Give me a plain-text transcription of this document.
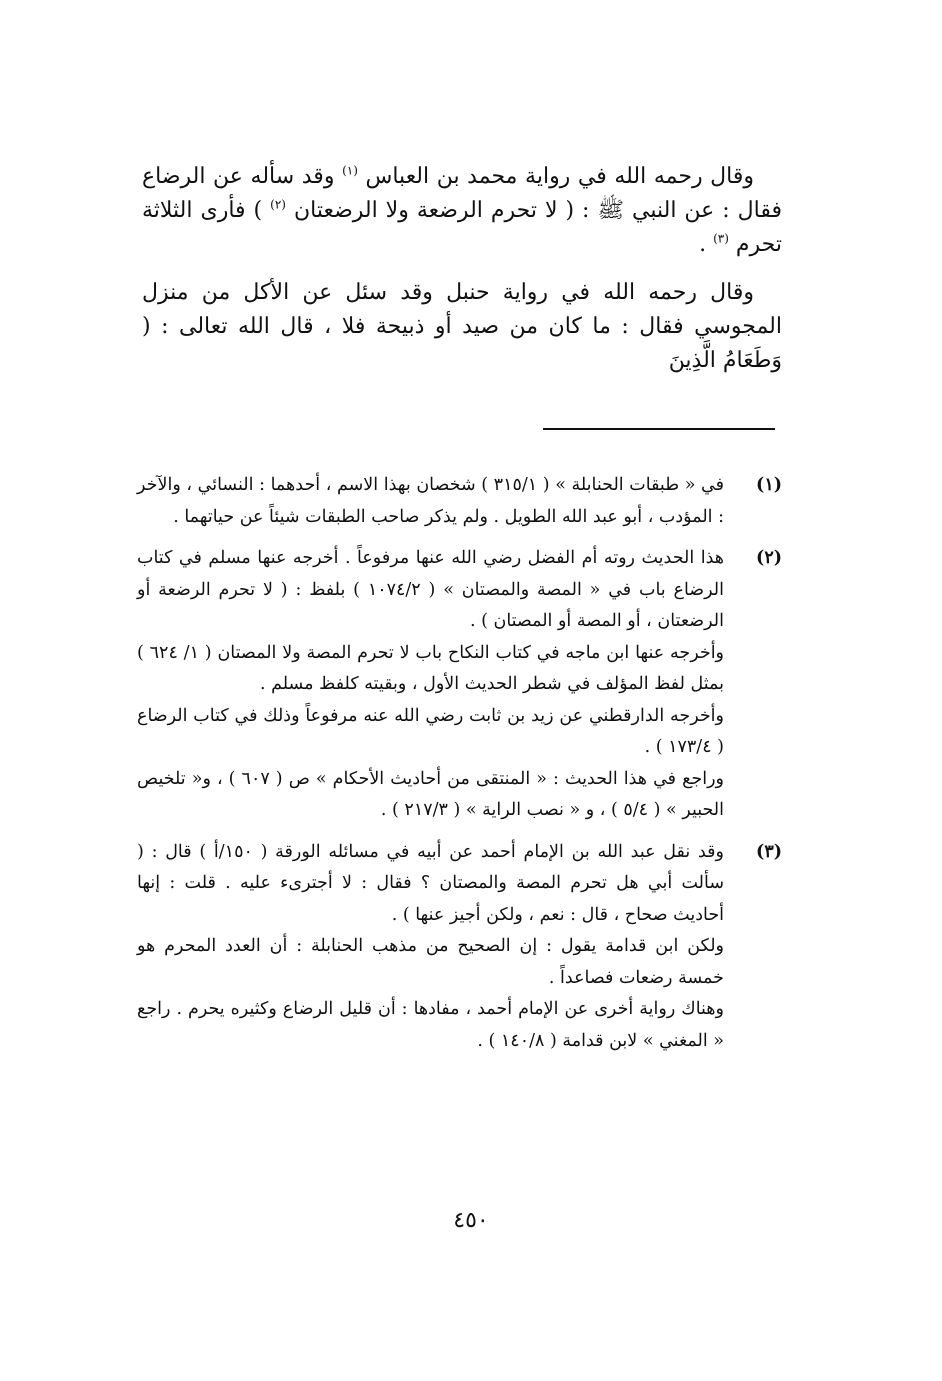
وقال رحمه الله في رواية محمد بن العباس $^{(١)}$ وقد سأله عن الرضاع فقال : عن النبي ﷺ : ( لا تحرم الرضعة ولا الرضعتان $^{(٢)}$ ) فأرى الثلاثة تحرم $^{(٣)}$ .

وقال رحمه الله في رواية حنبل وقد سئل عن الأكل من منزل المجوسي فقال : ما كان من صيد أو ذبيحة فلا ، قال الله تعالى : ( وَطَعَامُ الَّذِينَ

(١)

في « طبقات الحنابلة » ( ٣١٥/١ ) شخصان بهذا الاسم ، أحدهما : النسائي ، والآخر : المؤدب ، أبو عبد الله الطويل . ولم يذكر صاحب الطبقات شيئاً عن حياتهما .

(٢)

هذا الحديث روته أم الفضل رضي الله عنها مرفوعاً . أخرجه عنها مسلم في كتاب الرضاع باب في « المصة والمصتان » ( ١٠٧٤/٢ ) بلفظ : ( لا تحرم الرضعة أو الرضعتان ، أو المصة أو المصتان ) .

وأخرجه عنها ابن ماجه في كتاب النكاح باب لا تحرم المصة ولا المصتان ( ١/ ٦٢٤ ) بمثل لفظ المؤلف في شطر الحديث الأول ، وبقيته كلفظ مسلم .

وأخرجه الدارقطني عن زيد بن ثابت رضي الله عنه مرفوعاً وذلك في كتاب الرضاع ( ١٧٣/٤ ) .

وراجع في هذا الحديث : « المنتقى من أحاديث الأحكام » ص ( ٦٠٧ ) ، و« تلخيص الحبير » ( ٥/٤ ) ، و « نصب الراية » ( ٢١٧/٣ ) .

(٣)

وقد نقل عبد الله بن الإمام أحمد عن أبيه في مسائله الورقة ( ١٥٠/أ ) قال : ( سألت أبي هل تحرم المصة والمصتان ؟ فقال : لا أجترىء عليه . قلت : إنها أحاديث صحاح ، قال : نعم ، ولكن أجيز عنها ) .

ولكن ابن قدامة يقول : إن الصحيح من مذهب الحنابلة : أن العدد المحرم هو خمسة رضعات فصاعداً .

وهناك رواية أخرى عن الإمام أحمد ، مفادها : أن قليل الرضاع وكثيره يحرم . راجع « المغني » لابن قدامة ( ١٤٠/٨ ) .

٤٥٠
